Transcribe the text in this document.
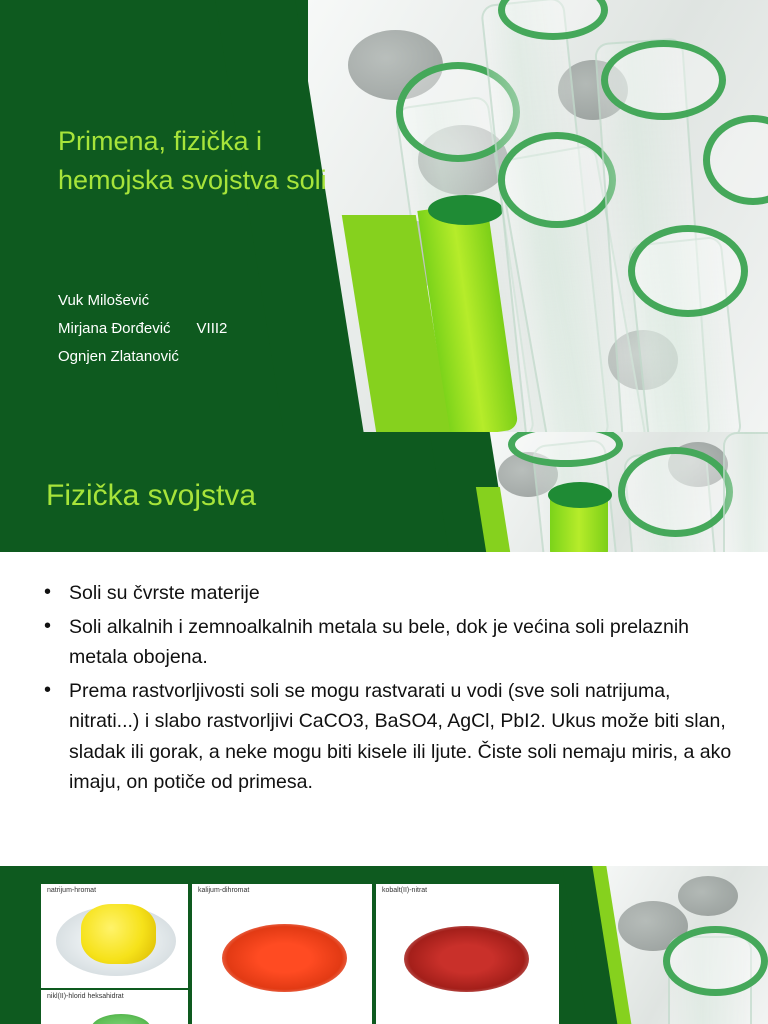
Primena, fizička i hemojska svojstva soli
Vuk Milošević
Mirjana Đorđević VIII2
Ognjen Zlatanović
Fizička svojstva
• Soli su čvrste materije
• Soli alkalnih i zemnoalkalnih metala su bele, dok je većina soli prelaznih metala obojena.
• Prema rastvorljivosti soli se mogu rastvarati u vodi (sve soli natrijuma, nitrati...) i slabo rastvorljivi CaCO3, BaSO4, AgCl, PbI2. Ukus može biti slan, sladak ili gorak, a neke mogu biti kisele ili ljute. Čiste soli nemaju miris, a ako imaju, on potiče od primesa.
natrijum-hromat	kalijum-dihromat	kobalt(II)-nitrat
nikl(II)-hlorid heksahidrat
